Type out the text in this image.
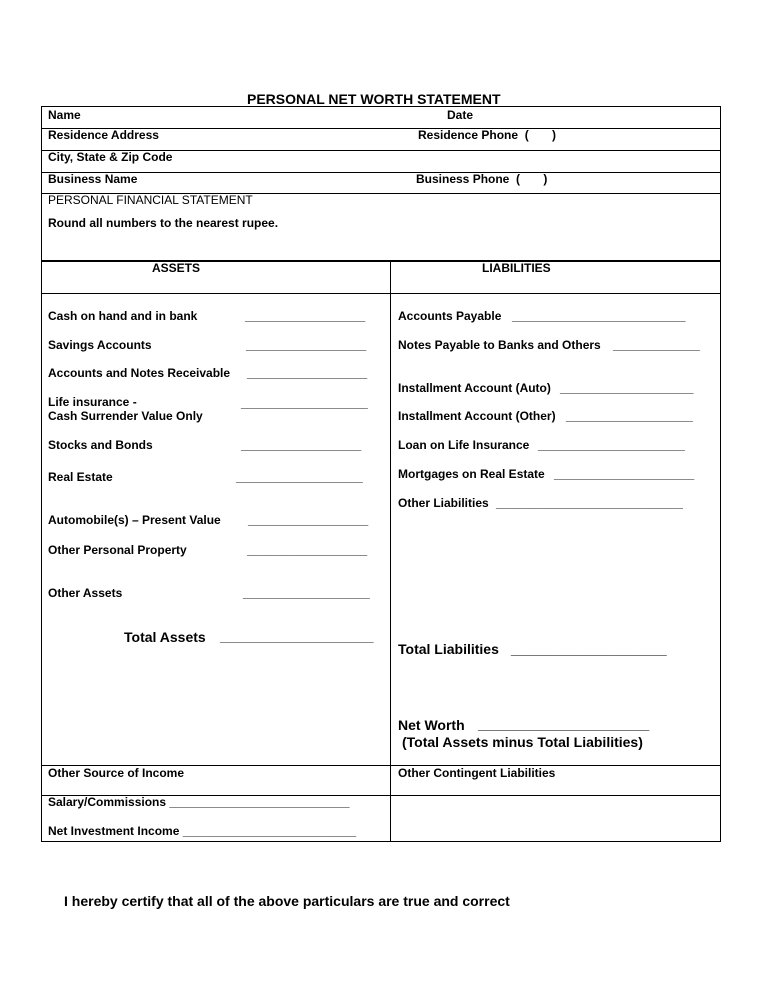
PERSONAL NET WORTH STATEMENT
Name	Date
Residence Address	Residence Phone  (       )
City, State & Zip Code
Business Name	Business Phone  (       )
PERSONAL FINANCIAL STATEMENT
Round all numbers to the nearest rupee.
ASSETS	LIABILITIES
Cash on hand and in bank	__________________
Savings Accounts	__________________
Accounts and Notes Receivable __________________
Life insurance -
Cash Surrender Value Only
___________________
Stocks and Bonds	__________________
Real Estate	___________________
Automobile(s) – Present Value __________________
Other Personal Property	__________________
Other Assets	___________________
Total Assets _______________________
Accounts Payable __________________________
Notes Payable to Banks and Others _____________
Installment Account (Auto) ____________________
Installment Account (Other) ___________________
Loan on Life Insurance ______________________
Mortgages on Real Estate _____________________
Other Liabilities ____________________________
Total Liabilities ____________________
Net Worth ______________________
(Total Assets minus Total Liabilities)
Other Source of Income	Other Contingent Liabilities
Salary/Commissions ___________________________
Net Investment Income __________________________
I hereby certify that all of the above particulars are true and correct
